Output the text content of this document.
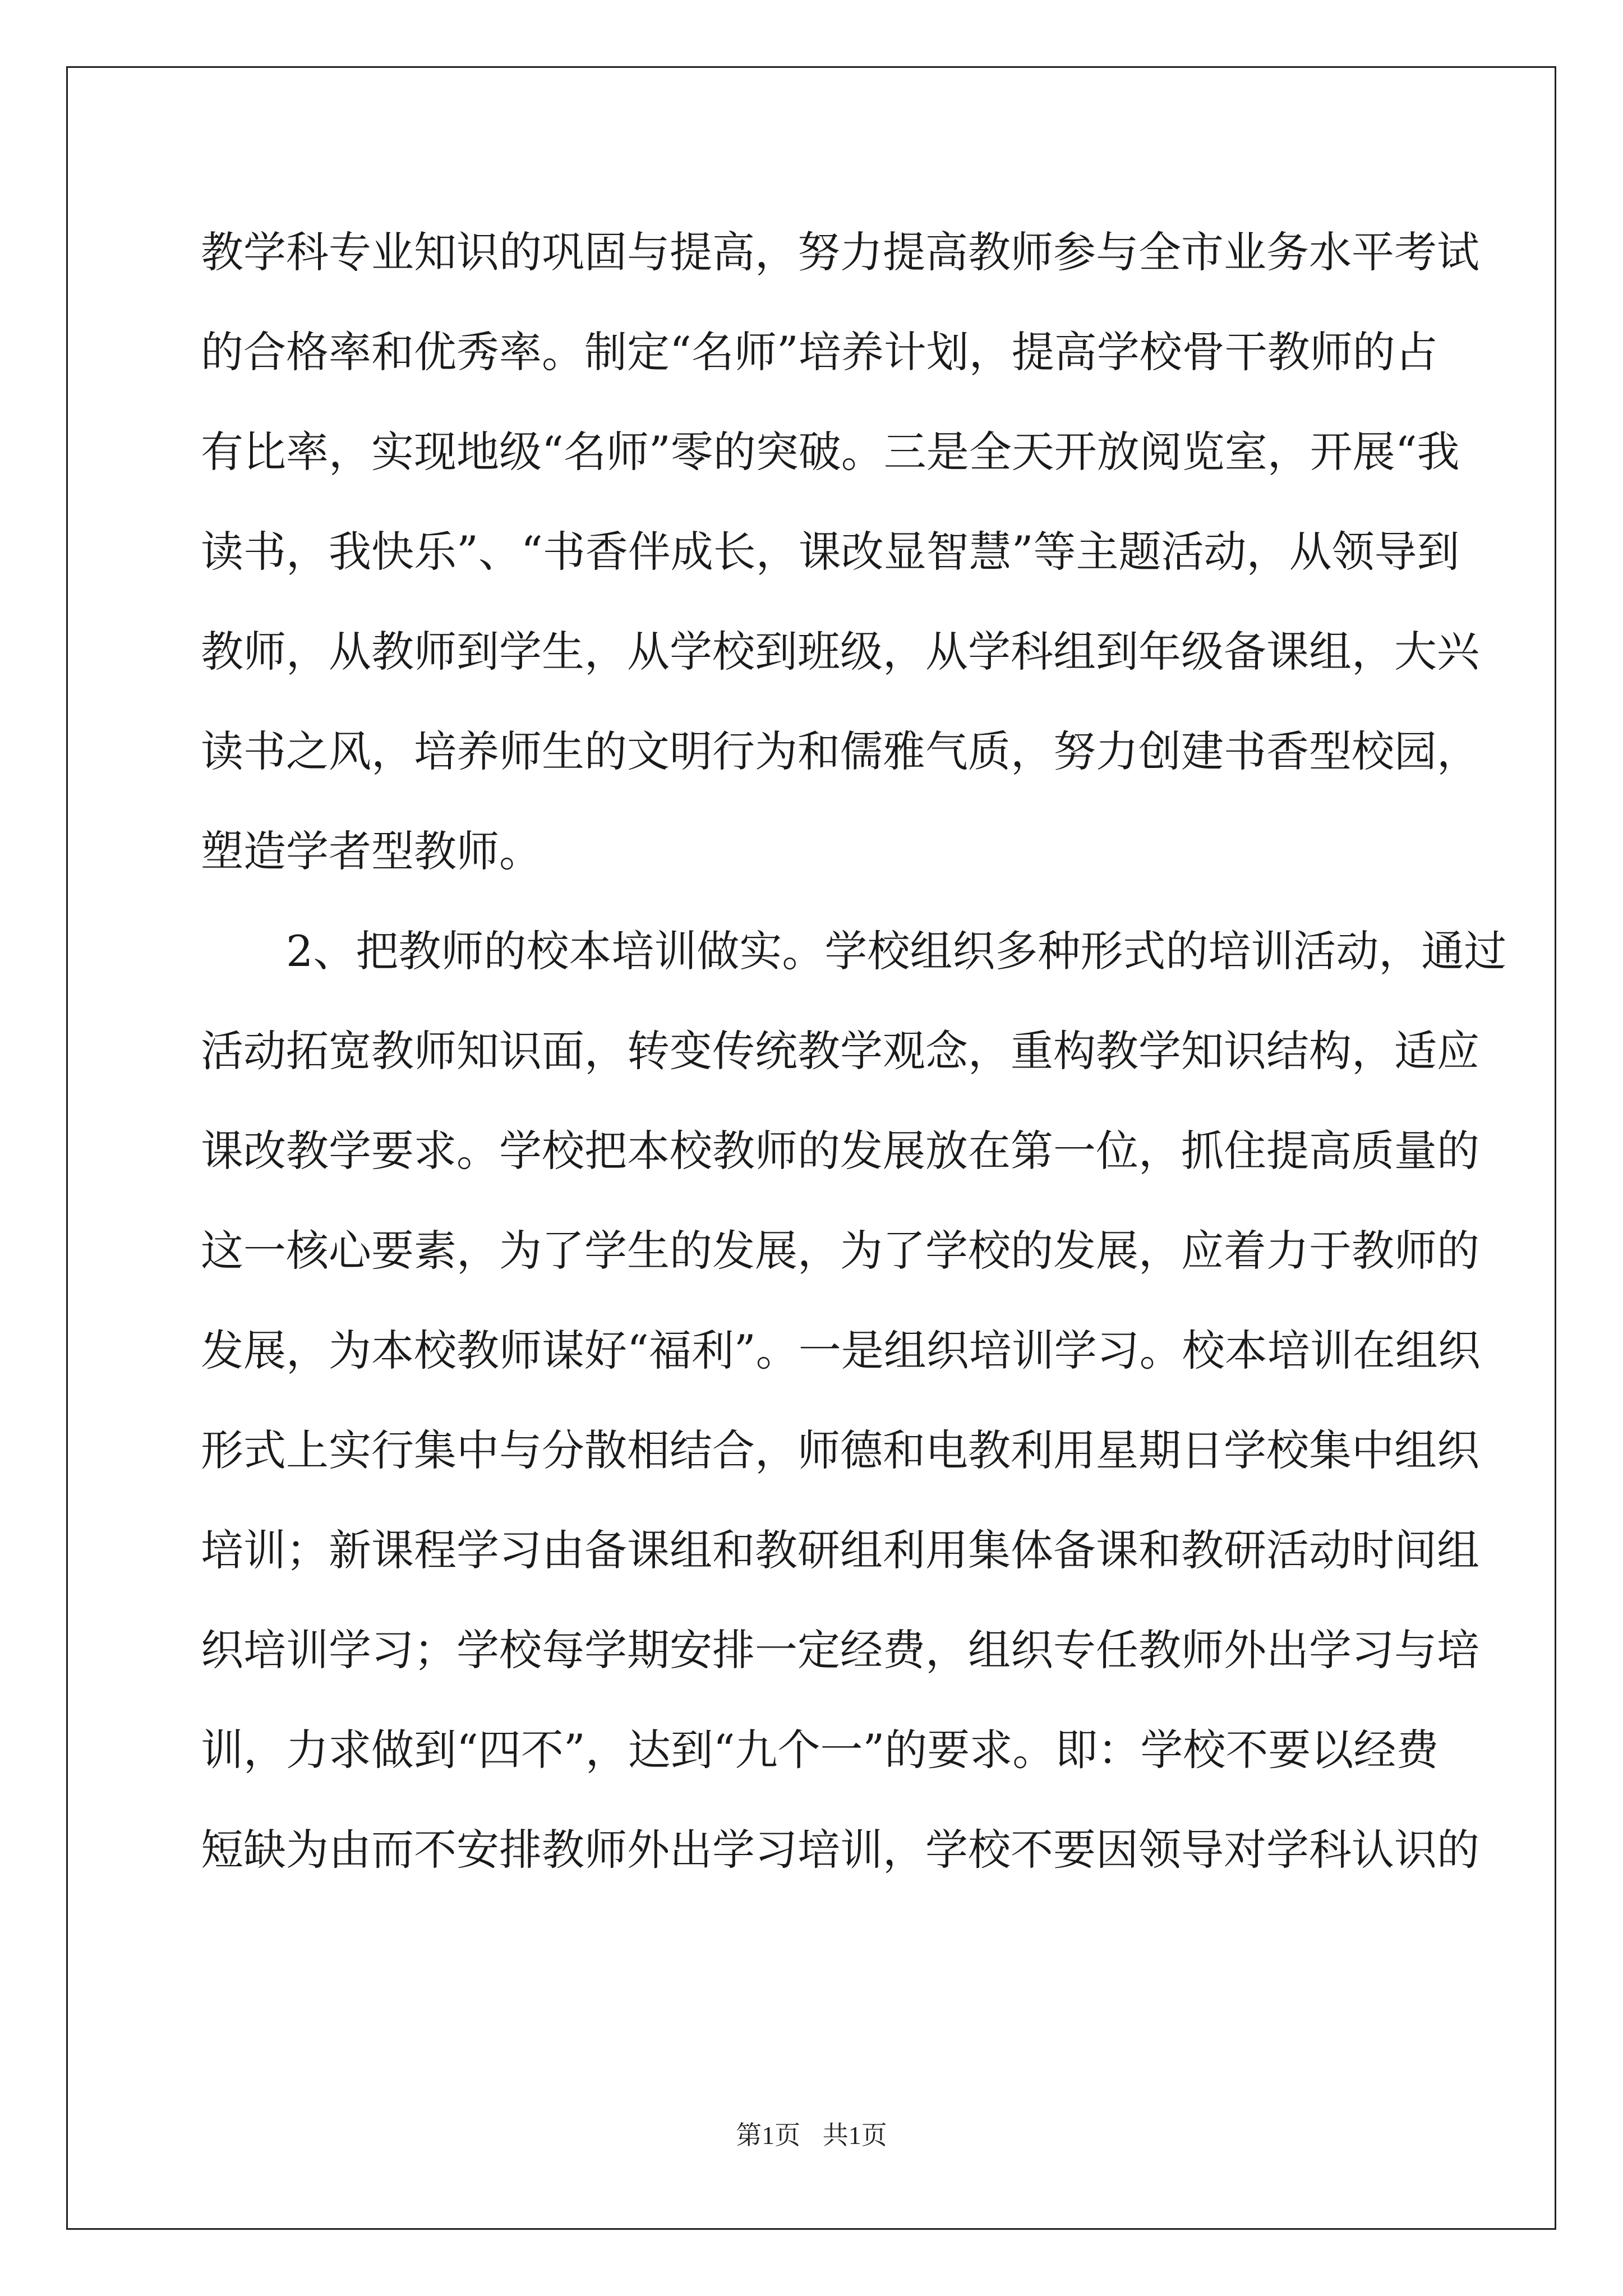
教学科专业知识的巩固与提高，努力提高教师参与全市业务水平考试
的合格率和优秀率。制定“名师”培养计划，提高学校骨干教师的占
有比率，实现地级“名师”零的突破。三是全天开放阅览室，开展“我
读书，我快乐”、“书香伴成长，课改显智慧”等主题活动，从领导到
教师，从教师到学生，从学校到班级，从学科组到年级备课组，大兴
读书之风，培养师生的文明行为和儒雅气质，努力创建书香型校园，
塑造学者型教师。
　　2、把教师的校本培训做实。学校组织多种形式的培训活动，通过
活动拓宽教师知识面，转变传统教学观念，重构教学知识结构，适应
课改教学要求。学校把本校教师的发展放在第一位，抓住提高质量的
这一核心要素，为了学生的发展，为了学校的发展，应着力于教师的
发展，为本校教师谋好“福利”。一是组织培训学习。校本培训在组织
形式上实行集中与分散相结合，师德和电教利用星期日学校集中组织
培训；新课程学习由备课组和教研组利用集体备课和教研活动时间组
织培训学习；学校每学期安排一定经费，组织专任教师外出学习与培
训，力求做到“四不”，达到“九个一”的要求。即：学校不要以经费
短缺为由而不安排教师外出学习培训，学校不要因领导对学科认识的
第1页 共1页
